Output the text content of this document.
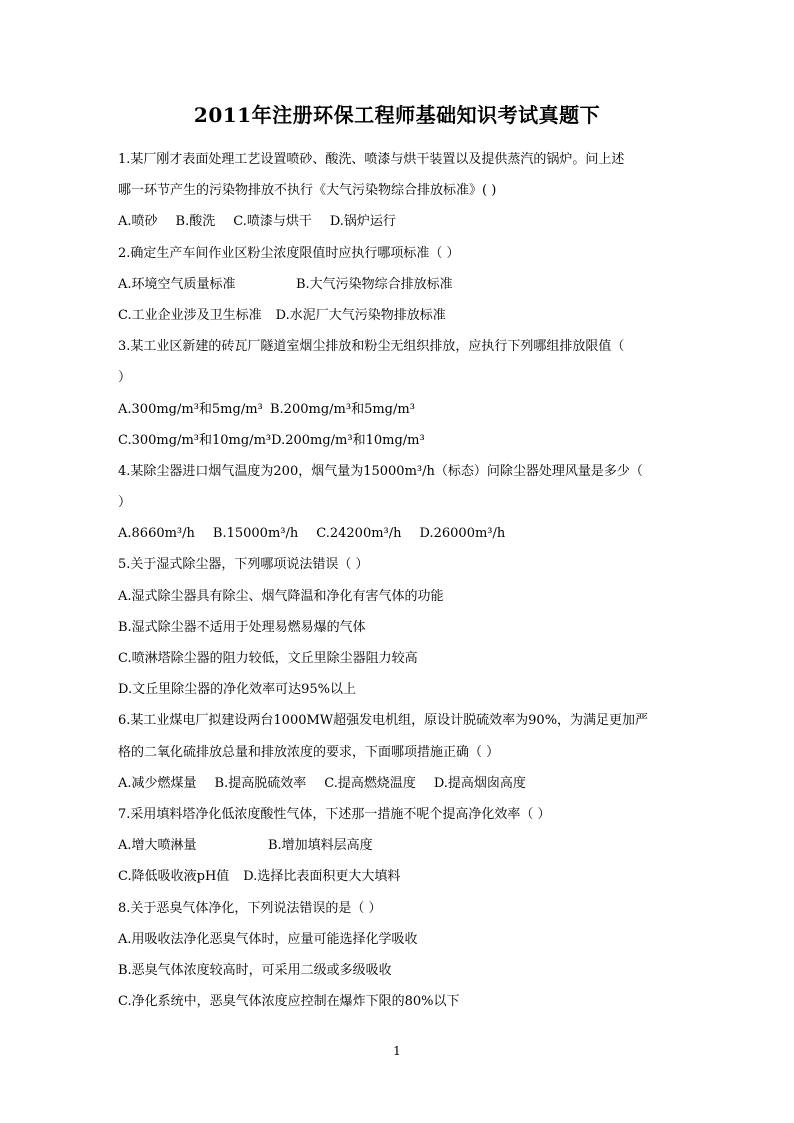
2011年注册环保工程师基础知识考试真题下
1.某厂刚才表面处理工艺设置喷砂、酸洗、喷漆与烘干装置以及提供蒸汽的锅炉。问上述
哪一环节产生的污染物排放不执行《大气污染物综合排放标准》( )
A.喷砂 B.酸洗 C.喷漆与烘干 D.锅炉运行
2.确定生产车间作业区粉尘浓度限值时应执行哪项标准（ ）
A.环境空气质量标准	B.大气污染物综合排放标准
C.工业企业涉及卫生标准 D.水泥厂大气污染物排放标准
3.某工业区新建的砖瓦厂隧道室烟尘排放和粉尘无组织排放，应执行下列哪组排放限值（
）
A.300mg/m³和5mg/m³ B.200mg/m³和5mg/m³
C.300mg/m³和10mg/m³D.200mg/m³和10mg/m³
4.某除尘器进口烟气温度为200，烟气量为15000m³/h（标态）问除尘器处理风量是多少（
）
A.8660m³/h B.15000m³/h C.24200m³/h D.26000m³/h
5.关于湿式除尘器，下列哪项说法错误（ ）
A.湿式除尘器具有除尘、烟气降温和净化有害气体的功能
B.湿式除尘器不适用于处理易燃易爆的气体
C.喷淋塔除尘器的阻力较低，文丘里除尘器阻力较高
D.文丘里除尘器的净化效率可达95%以上
6.某工业煤电厂拟建设两台1000MW超强发电机组，原设计脱硫效率为90%，为满足更加严
格的二氧化硫排放总量和排放浓度的要求，下面哪项措施正确（ ）
A.减少燃煤量 B.提高脱硫效率 C.提高燃烧温度 D.提高烟囱高度
7.采用填料塔净化低浓度酸性气体，下述那一措施不呢个提高净化效率（ ）
A.增大喷淋量	B.增加填料层高度
C.降低吸收液pH值 D.选择比表面积更大大填料
8.关于恶臭气体净化，下列说法错误的是（ ）
A.用吸收法净化恶臭气体时，应量可能选择化学吸收
B.恶臭气体浓度较高时，可采用二级或多级吸收
C.净化系统中，恶臭气体浓度应控制在爆炸下限的80%以下
1
